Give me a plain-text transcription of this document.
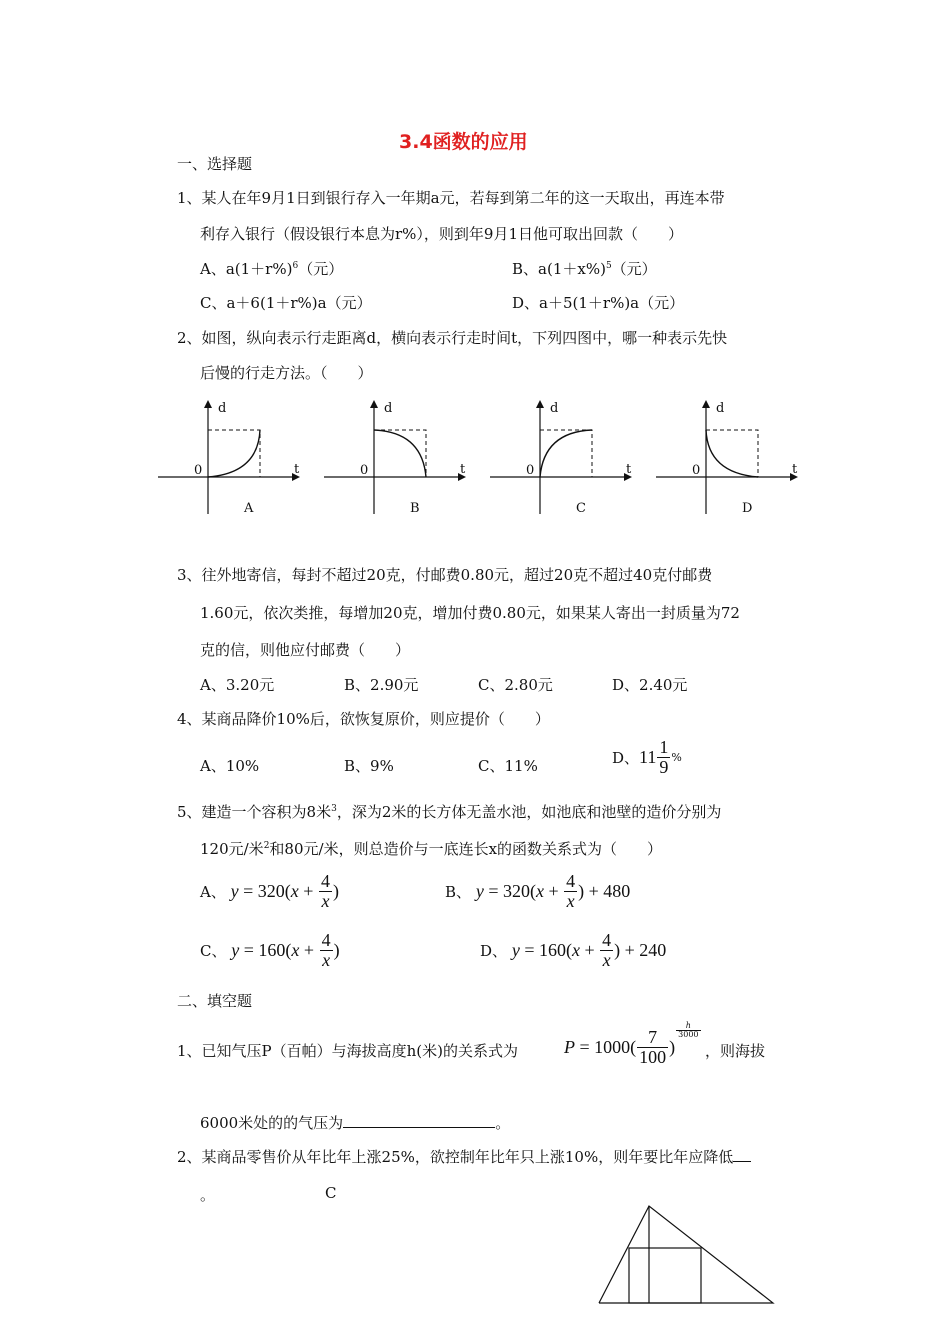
3.4函数的应用
一、选择题
1、某人在年9月1日到银行存入一年期a元，若每到第二年的这一天取出，再连本带
利存入银行（假设银行本息为r%），则到年9月1日他可取出回款（　　）
A、$a(1+r\%)^6$（元）	B、$a(1+x\%)^5$（元）
C、a＋6(1＋r%)a（元）	D、a＋5(1＋r%)a（元）
2、如图，纵向表示行走距离d，横向表示行走时间t，下列四图中，哪一种表示先快
后慢的行走方法。（　　）
d
t
0
A
d
t
0
B
d
t
0
C
d
t
0
D
3、往外地寄信，每封不超过20克，付邮费0.80元，超过20克不超过40克付邮费
1.60元，依次类推，每增加20克，增加付费0.80元，如果某人寄出一封质量为72
克的信，则他应付邮费（　　）
A、3.20元	B、2.90元	C、2.80元	D、2.40元
4、某商品降价10%后，欲恢复原价，则应提价（　　）
A、10%	B、9%	C、11%	D、$11 \frac{1}{9}$ %
5、建造一个容积为8米$^3$，深为2米的长方体无盖水池，如池底和池壁的造价分别为
120元/米$^2$和80元/米，则总造价与一底连长x的函数关系式为（　　）
A、 $y = 320(x + \frac{4}{x}$ )	B、 $y = 320(x + \frac{4}{x}$ ) + 480
C、 $y = 160(x + \frac{4}{x}$ )	D、 $y = 160(x + \frac{4}{x}$ ) + 240
二、填空题
1、已知气压P（百帕）与海拔高度h(米)的关系式为	$P = 1000( \frac{7}{100}$ )
$\frac{h}{3000}$
，则海拔
6000米处的的气压为	。
2、某商品零售价从年比年上涨25%，欲控制年比年只上涨10%，则年要比年应降低
。	C
